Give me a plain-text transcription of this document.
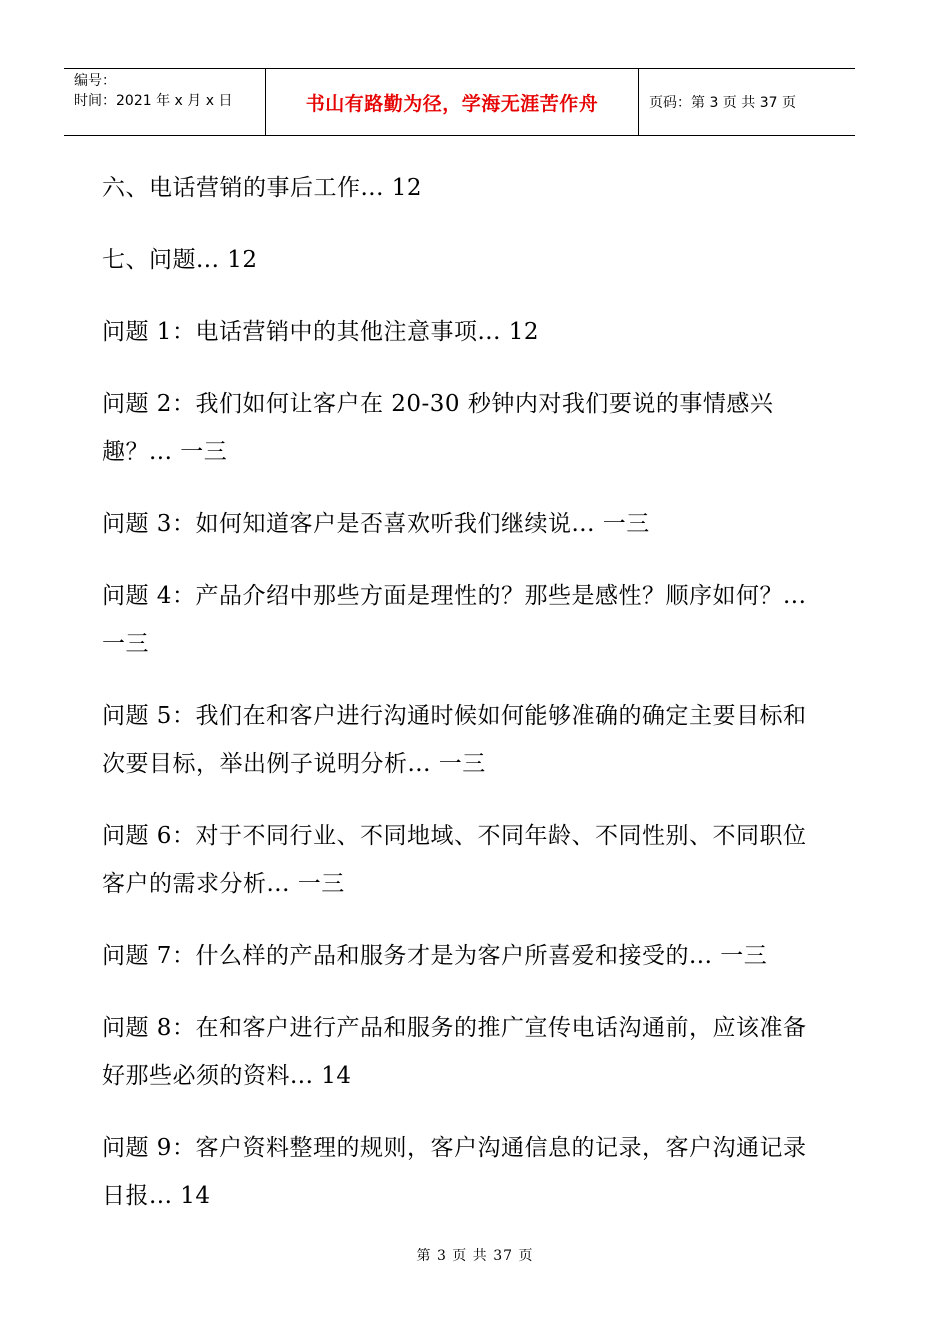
编号：
时间：2021 年 x 月 x 日	书山有路勤为径，学海无涯苦作舟	页码：第 3 页 共 37 页

六、电话营销的事后工作... 12

七、问题... 12

问题 1：电话营销中的其他注意事项... 12

问题 2：我们如何让客户在 20-30 秒钟内对我们要说的事情感兴趣？... 一三

问题 3：如何知道客户是否喜欢听我们继续说... 一三

问题 4：产品介绍中那些方面是理性的？那些是感性？顺序如何？... 一三

问题 5：我们在和客户进行沟通时候如何能够准确的确定主要目标和次要目标，举出例子说明分析... 一三

问题 6：对于不同行业、不同地域、不同年龄、不同性别、不同职位客户的需求分析... 一三

问题 7：什么样的产品和服务才是为客户所喜爱和接受的... 一三

问题 8：在和客户进行产品和服务的推广宣传电话沟通前，应该准备好那些必须的资料... 14

问题 9：客户资料整理的规则，客户沟通信息的记录，客户沟通记录日报... 14

第 3 页 共 37 页
